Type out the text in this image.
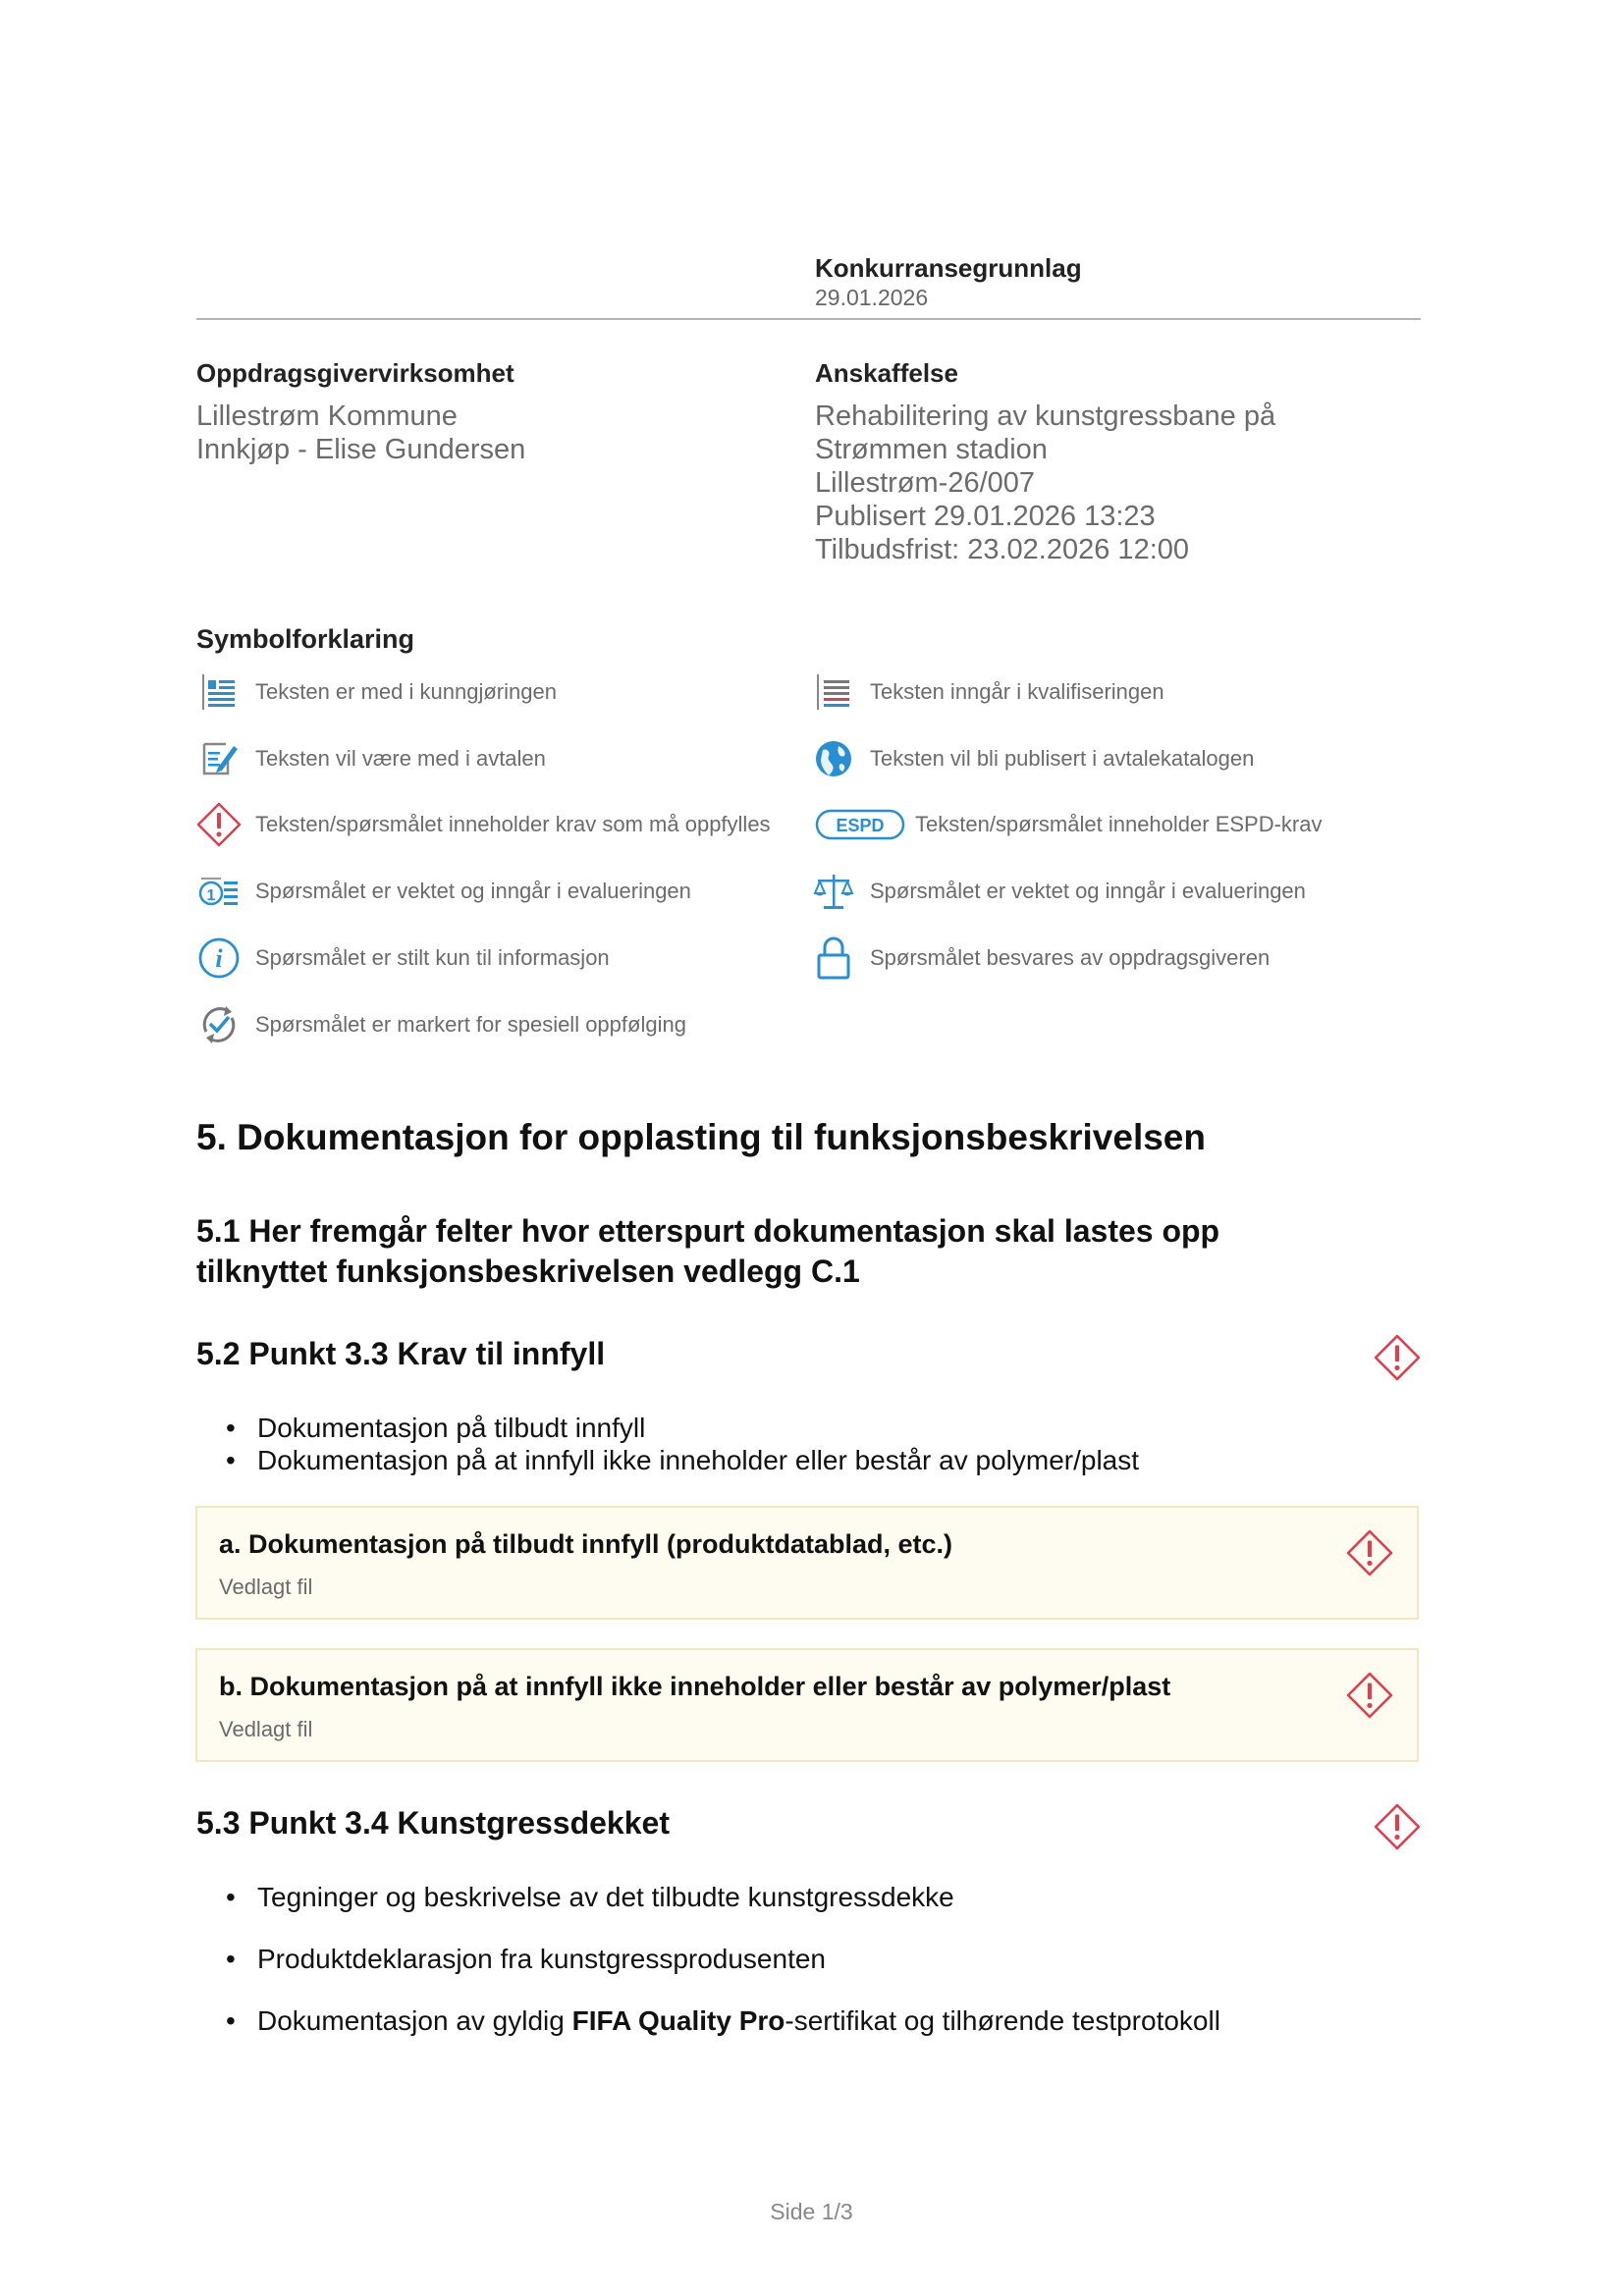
Konkurransegrunnlag
29.01.2026
Oppdragsgivervirksomhet
Lillestrøm Kommune
Innkjøp - Elise Gundersen
Anskaffelse
Rehabilitering av kunstgressbane på
Strømmen stadion
Lillestrøm-26/007
Publisert 29.01.2026 13:23
Tilbudsfrist: 23.02.2026 12:00
Symbolforklaring
Teksten er med i kunngjøringen	Teksten inngår i kvalifiseringen
Teksten vil være med i avtalen	Teksten vil bli publisert i avtalekatalogen
Teksten/spørsmålet inneholder krav som må oppfylles	ESPD Teksten/spørsmålet inneholder ESPD-krav
1 Spørsmålet er vektet og inngår i evalueringen	Spørsmålet er vektet og inngår i evalueringen
i Spørsmålet er stilt kun til informasjon	Spørsmålet besvares av oppdragsgiveren
Spørsmålet er markert for spesiell oppfølging
5. Dokumentasjon for opplasting til funksjonsbeskrivelsen
5.1 Her fremgår felter hvor etterspurt dokumentasjon skal lastes opp
tilknyttet funksjonsbeskrivelsen vedlegg C.1
5.2 Punkt 3.3 Krav til innfyll
• Dokumentasjon på tilbudt innfyll
• Dokumentasjon på at innfyll ikke inneholder eller består av polymer/plast
a. Dokumentasjon på tilbudt innfyll (produktdatablad, etc.)
Vedlagt fil
b. Dokumentasjon på at innfyll ikke inneholder eller består av polymer/plast
Vedlagt fil
5.3 Punkt 3.4 Kunstgressdekket
• Tegninger og beskrivelse av det tilbudte kunstgressdekke
• Produktdeklarasjon fra kunstgressprodusenten
• Dokumentasjon av gyldig FIFA Quality Pro-sertifikat og tilhørende testprotokoll
Side 1/3
